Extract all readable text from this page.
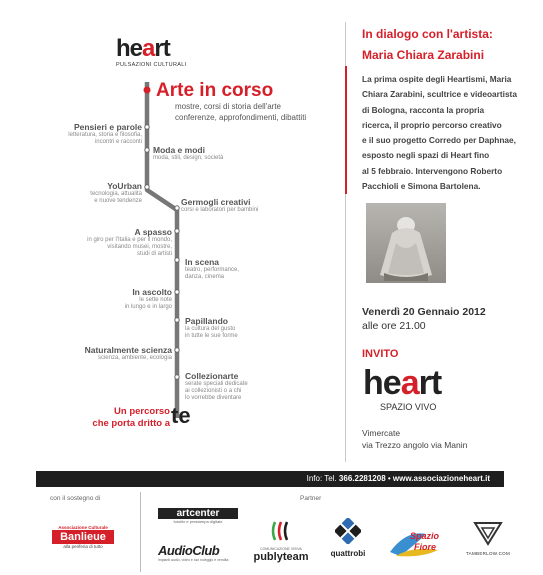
heart
PULSAZIONI CULTURALI
Arte in corso
mostre, corsi di storia dell'arte
conferenze, approfondimenti, dibattiti
Pensieri e parole
letteratura, storia e filosofia,
incontri e racconti
Moda e modi
moda, stili, design, società
YoUrban
tecnologia, attualità
e nuove tendenze	Germogli creativi
corsi e laboratori per bambini
A spasso
in giro per l'Italia e per il mondo,
visitando musei, mostre,
studi di artisti
In scena
teatro, performance,
danza, cinema
In ascolto
le sette note
in lungo e in largo
Papillando
la cultura del gusto
in tutte le sue forme
Naturalmente scienza
scienza, ambiente, ecologia
Collezionarte
serate speciali dedicate
ai collezionisti o a chi
lo vorrebbe diventare
Un percorso
che porta dritto a te
In dialogo con l'artista:
Maria Chiara Zarabini
La prima ospite degli Heartismi, Maria
Chiara Zarabini, scultrice e videoartista
di Bologna, racconta la propria
ricerca, il proprio percorso creativo
e il suo progetto Corredo per Daphnae,
esposto negli spazi di Heart fino
al 5 febbraio. Intervengono Roberto
Pacchioli e Simona Bartolena.
Venerdì 20 Gennaio 2012
alle ore 21.00
INVITO
heart
SPAZIO VIVO
Vimercate
via Trezzo angolo via Manin
Info: Tel. 366.2281208 • www.associazioneheart.it
con il sostegno di	Partner
Associazione Culturale
Banlieue
alla periferia di tutto
artcenter
fotolito e prestampa digitale
AudioClub
impianti audio, video e luci noleggio e vendita
COMUNICAZIONE VISIVA
publyteam	quattrobi
Spazio
Fiore
TAMBERLOW.COM
